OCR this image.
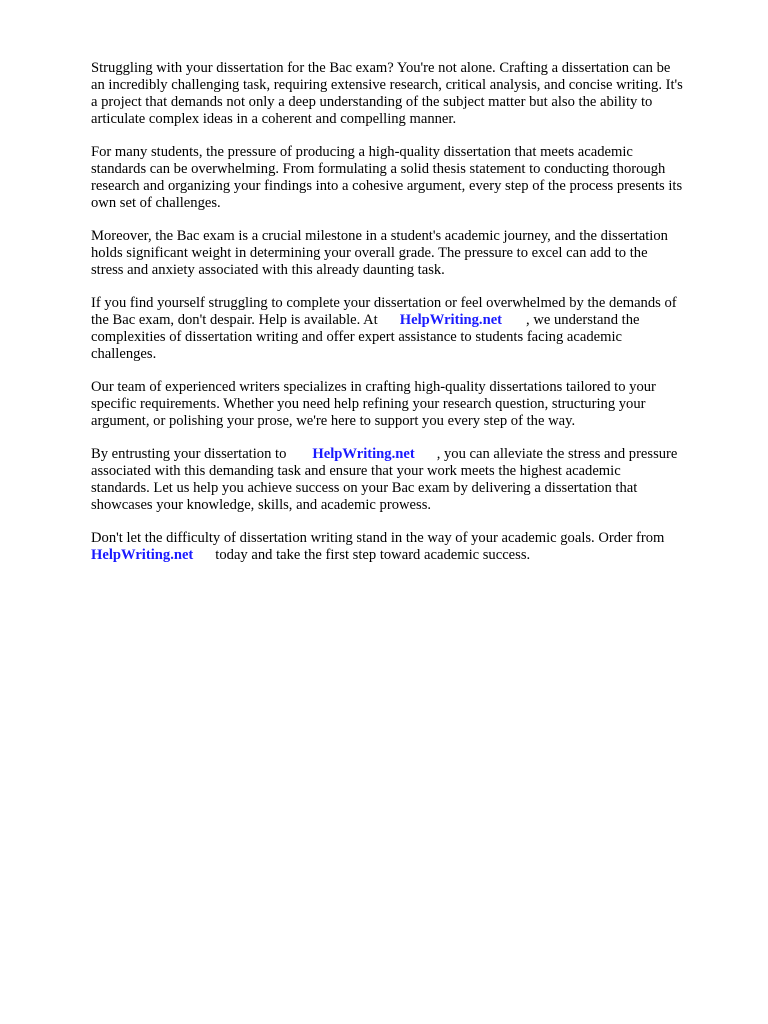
Struggling with your dissertation for the Bac exam? You're not alone. Crafting a dissertation can be
an incredibly challenging task, requiring extensive research, critical analysis, and concise writing. It's
a project that demands not only a deep understanding of the subject matter but also the ability to
articulate complex ideas in a coherent and compelling manner.

For many students, the pressure of producing a high-quality dissertation that meets academic
standards can be overwhelming. From formulating a solid thesis statement to conducting thorough
research and organizing your findings into a cohesive argument, every step of the process presents its
own set of challenges.

Moreover, the Bac exam is a crucial milestone in a student's academic journey, and the dissertation
holds significant weight in determining your overall grade. The pressure to excel can add to the
stress and anxiety associated with this already daunting task.

If you find yourself struggling to complete your dissertation or feel overwhelmed by the demands of
the Bac exam, don't despair. Help is available. At HelpWriting.net , we understand the
complexities of dissertation writing and offer expert assistance to students facing academic
challenges.

Our team of experienced writers specializes in crafting high-quality dissertations tailored to your
specific requirements. Whether you need help refining your research question, structuring your
argument, or polishing your prose, we're here to support you every step of the way.

By entrusting your dissertation to HelpWriting.net , you can alleviate the stress and pressure
associated with this demanding task and ensure that your work meets the highest academic
standards. Let us help you achieve success on your Bac exam by delivering a dissertation that
showcases your knowledge, skills, and academic prowess.

Don't let the difficulty of dissertation writing stand in the way of your academic goals. Order from
HelpWriting.net today and take the first step toward academic success.
